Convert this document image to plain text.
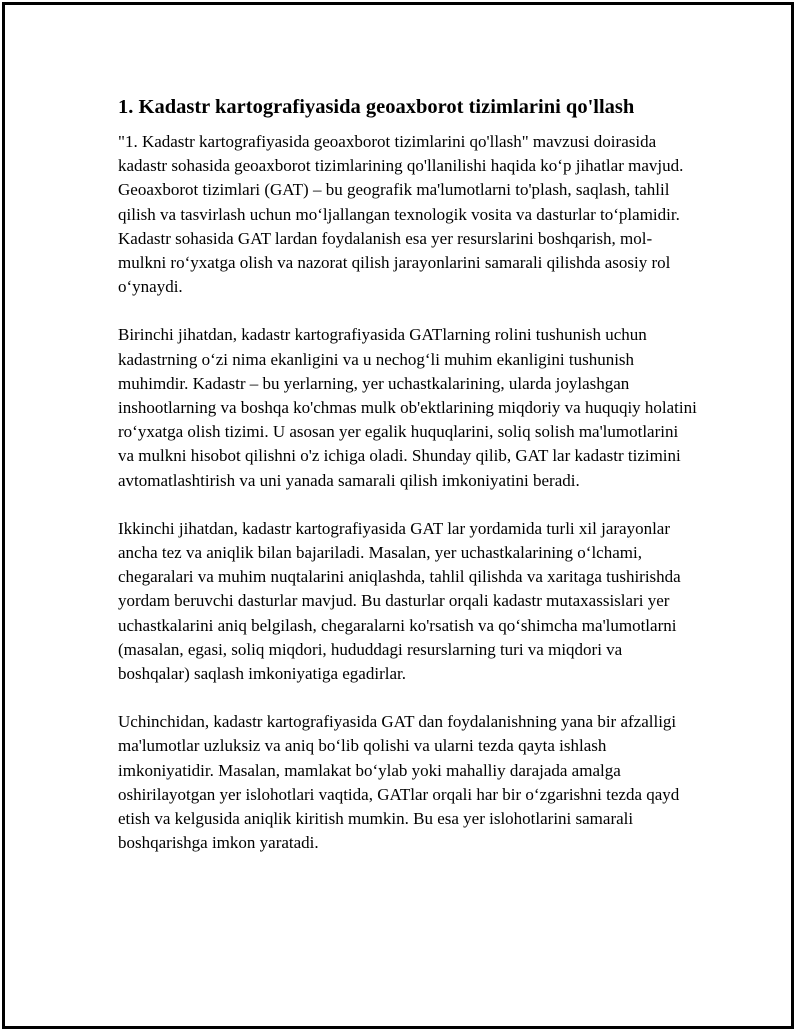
1. Kadastr kartografiyasida geoaxborot tizimlarini qo'llash

"1. Kadastr kartografiyasida geoaxborot tizimlarini qo'llash" mavzusi doirasida kadastr sohasida geoaxborot tizimlarining qo'llanilishi haqida ko‘p jihatlar mavjud. Geoaxborot tizimlari (GAT) – bu geografik ma'lumotlarni to'plash, saqlash, tahlil qilish va tasvirlash uchun mo‘ljallangan texnologik vosita va dasturlar to‘plamidir. Kadastr sohasida GAT lardan foydalanish esa yer resurslarini boshqarish, mol-mulkni ro‘yxatga olish va nazorat qilish jarayonlarini samarali qilishda asosiy rol o‘ynaydi.

Birinchi jihatdan, kadastr kartografiyasida GATlarning rolini tushunish uchun kadastrning o‘zi nima ekanligini va u nechog‘li muhim ekanligini tushunish muhimdir. Kadastr – bu yerlarning, yer uchastkalarining, ularda joylashgan inshootlarning va boshqa ko'chmas mulk ob'ektlarining miqdoriy va huquqiy holatini ro‘yxatga olish tizimi. U asosan yer egalik huquqlarini, soliq solish ma'lumotlarini va mulkni hisobot qilishni o'z ichiga oladi. Shunday qilib, GAT lar kadastr tizimini avtomatlashtirish va uni yanada samarali qilish imkoniyatini beradi.

Ikkinchi jihatdan, kadastr kartografiyasida GAT lar yordamida turli xil jarayonlar ancha tez va aniqlik bilan bajariladi. Masalan, yer uchastkalarining o‘lchami, chegaralari va muhim nuqtalarini aniqlashda, tahlil qilishda va xaritaga tushirishda yordam beruvchi dasturlar mavjud. Bu dasturlar orqali kadastr mutaxassislari yer uchastkalarini aniq belgilash, chegaralarni ko'rsatish va qo‘shimcha ma'lumotlarni (masalan, egasi, soliq miqdori, hududdagi resurslarning turi va miqdori va boshqalar) saqlash imkoniyatiga egadirlar.

Uchinchidan, kadastr kartografiyasida GAT dan foydalanishning yana bir afzalligi ma'lumotlar uzluksiz va aniq bo‘lib qolishi va ularni tezda qayta ishlash imkoniyatidir. Masalan, mamlakat bo‘ylab yoki mahalliy darajada amalga oshirilayotgan yer islohotlari vaqtida, GATlar orqali har bir o‘zgarishni tezda qayd etish va kelgusida aniqlik kiritish mumkin. Bu esa yer islohotlarini samarali boshqarishga imkon yaratadi.
